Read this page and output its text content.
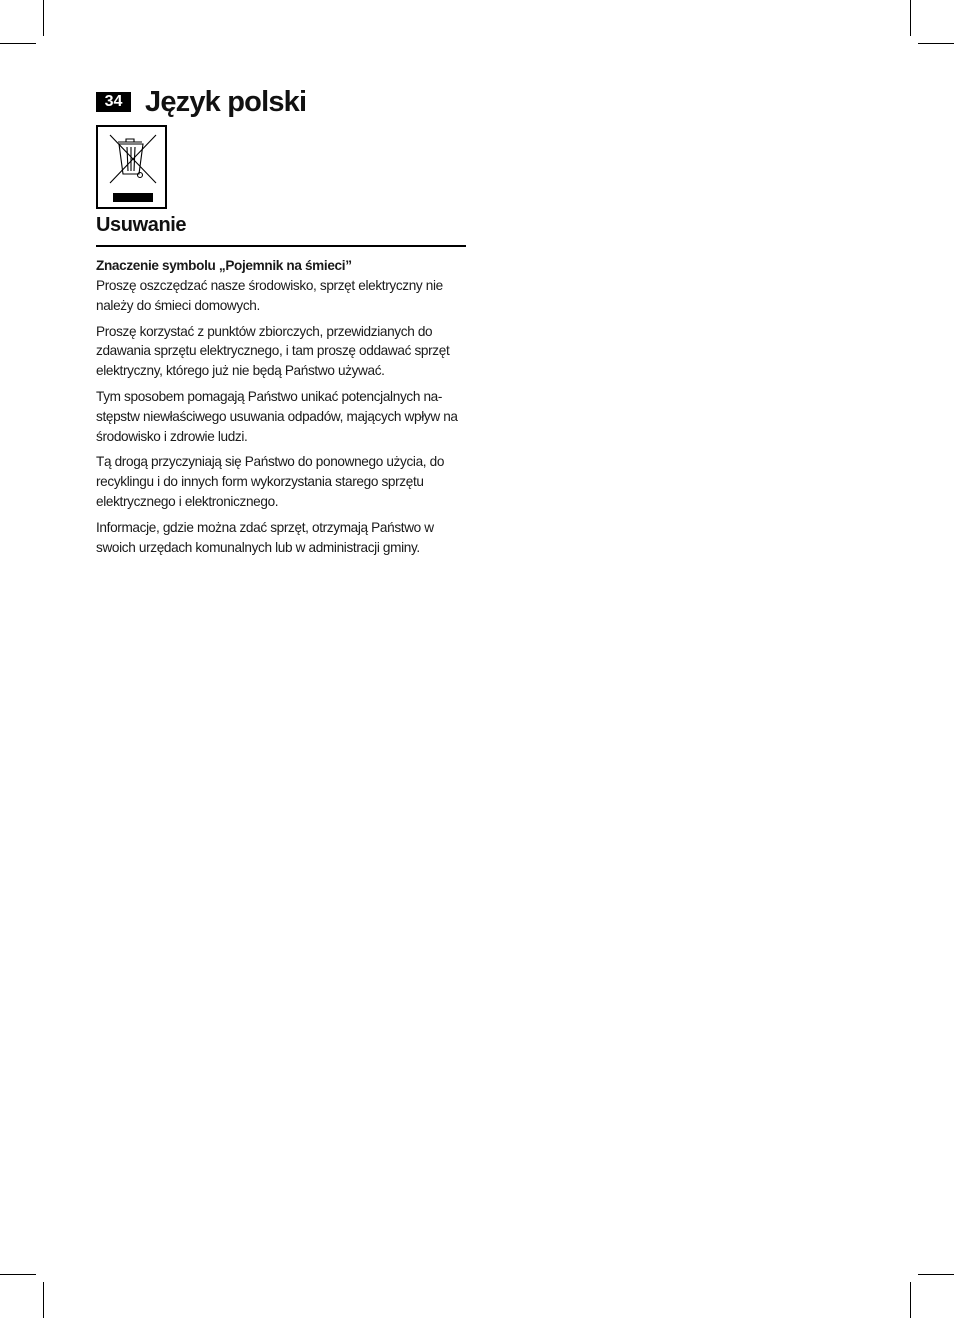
34 Język polski
Usuwanie
Znaczenie symbolu „Pojemnik na śmieci”

Proszę oszczędzać nasze środowisko, sprzęt elektryczny nie należy do śmieci domowych.

Proszę korzystać z punktów zbiorczych, przewidzianych do zdawania sprzętu elektrycznego, i tam proszę oddawać sprzęt elektryczny, którego już nie będą Państwo używać.

Tym sposobem pomagają Państwo unikać potencjalnych następstw niewłaściwego usuwania odpadów, mających wpływ na środowisko i zdrowie ludzi.

Tą drogą przyczyniają się Państwo do ponownego użycia, do recyklingu i do innych form wykorzystania starego sprzętu elektrycznego i elektronicznego.

Informacje, gdzie można zdać sprzęt, otrzymają Państwo w swoich urzędach komunalnych lub w administracji gminy.
